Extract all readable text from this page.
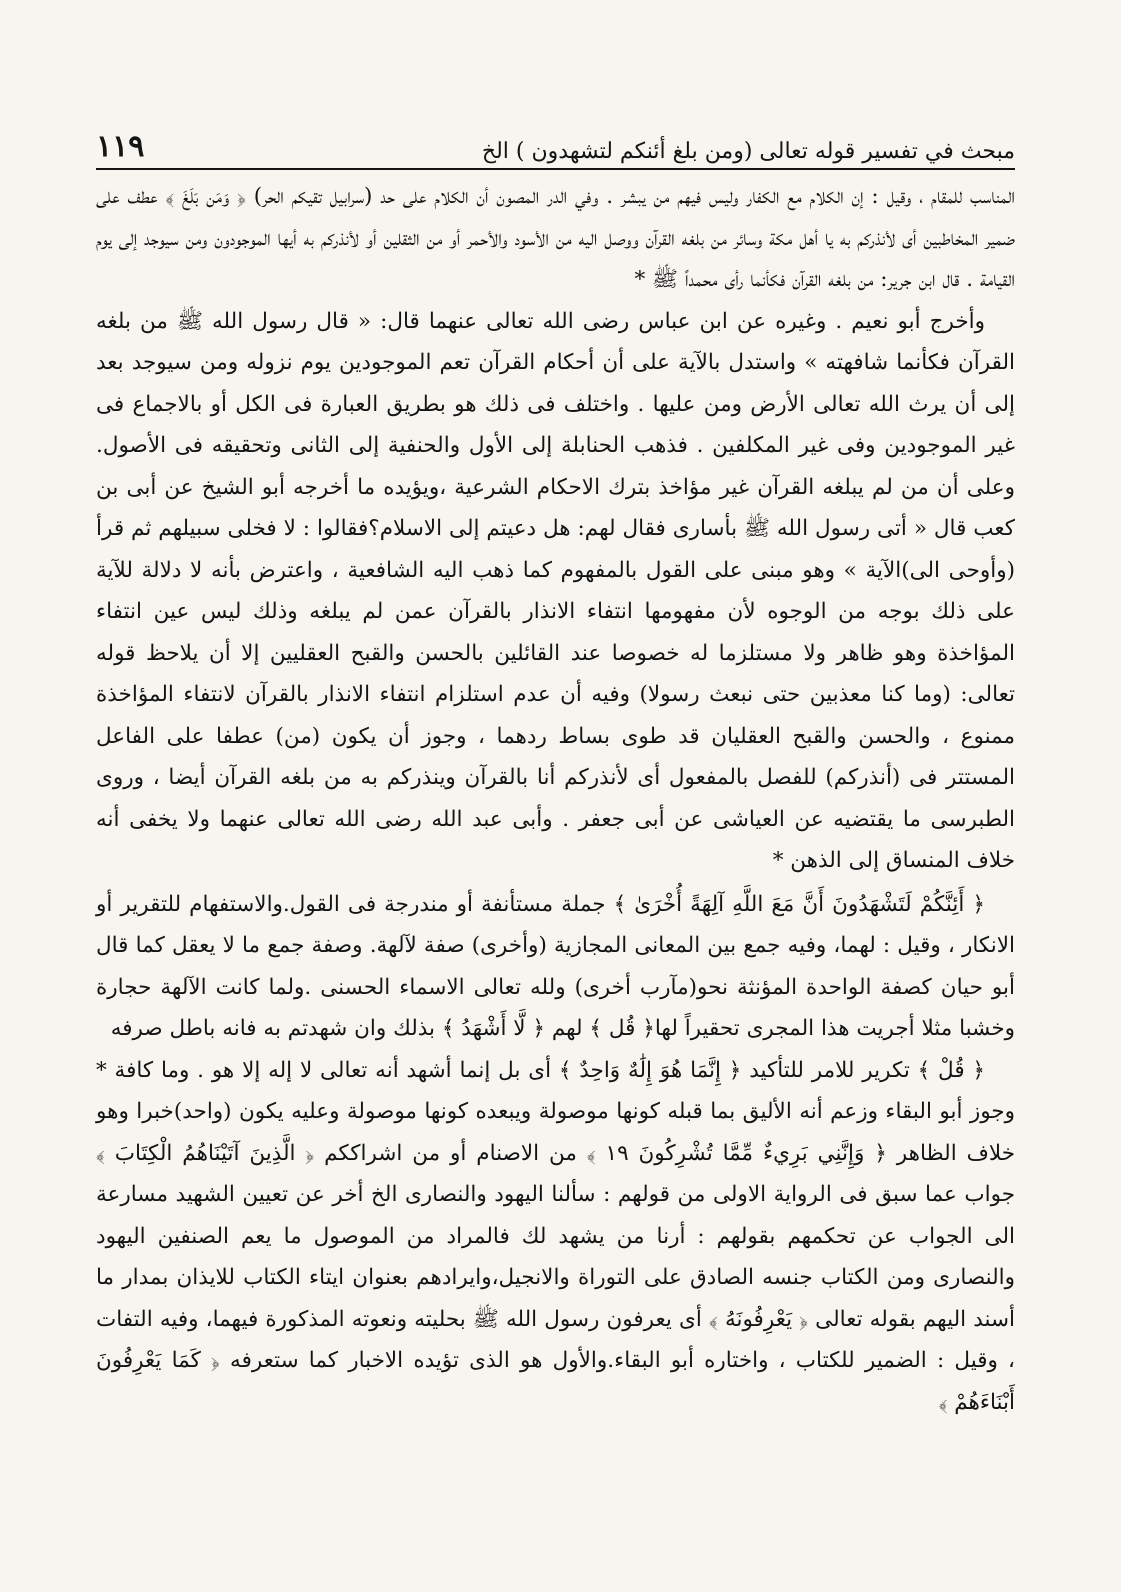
مبحث في تفسير قوله تعالى (ومن بلغ أئنكم لتشهدون ) الخ
١١٩

المناسب للمقام ، وقيل : إن الكلام مع الكفار وليس فيهم من يبشر . وفي الدر المصون أن الكلام على حد (سرابيل تقيكم الحر) ﴿ وَمَن بَلَغَ ﴾ عطف على ضمير المخاطبين أى لأنذركم به يا أهل مكة وسائر من بلغه القرآن ووصل اليه من الأسود والأحمر أو من الثقلين أو لأنذركم به أيها الموجودون ومن سيوجد إلى يوم القيامة . قال ابن جرير: من بلغه القرآن فكأنما رأى محمداً ﷺ *

وأخرج أبو نعيم . وغيره عن ابن عباس رضى الله تعالى عنهما قال: « قال رسول الله ﷺ من بلغه القرآن فكأنما شافهته » واستدل بالآية على أن أحكام القرآن تعم الموجودين يوم نزوله ومن سيوجد بعد إلى أن يرث الله تعالى الأرض ومن عليها . واختلف فى ذلك هو بطريق العبارة فى الكل أو بالاجماع فى غير الموجودين وفى غير المكلفين . فذهب الحنابلة إلى الأول والحنفية إلى الثانى وتحقيقه فى الأصول. وعلى أن من لم يبلغه القرآن غير مؤاخذ بترك الاحكام الشرعية ،ويؤيده ما أخرجه أبو الشيخ عن أبى بن كعب قال « أتى رسول الله ﷺ بأسارى فقال لهم: هل دعيتم إلى الاسلام؟فقالوا : لا فخلى سبيلهم ثم قرأ (وأوحى الى)الآية » وهو مبنى على القول بالمفهوم كما ذهب اليه الشافعية ، واعترض بأنه لا دلالة للآية على ذلك بوجه من الوجوه لأن مفهومها انتفاء الانذار بالقرآن عمن لم يبلغه وذلك ليس عين انتفاء المؤاخذة وهو ظاهر ولا مستلزما له خصوصا عند القائلين بالحسن والقبح العقليين إلا أن يلاحظ قوله تعالى: (وما كنا معذبين حتى نبعث رسولا) وفيه أن عدم استلزام انتفاء الانذار بالقرآن لانتفاء المؤاخذة ممنوع ، والحسن والقبح العقليان قد طوى بساط ردهما ، وجوز أن يكون (من) عطفا على الفاعل المستتر فى (أنذركم) للفصل بالمفعول أى لأنذركم أنا بالقرآن وينذركم به من بلغه القرآن أيضا ، وروى الطبرسى ما يقتضيه عن العياشى عن أبى جعفر . وأبى عبد الله رضى الله تعالى عنهما ولا يخفى أنه خلاف المنساق إلى الذهن *

﴿ أَئِنَّكُمْ لَتَشْهَدُونَ أَنَّ مَعَ اللَّهِ آلِهَةً أُخْرَىٰ ﴾ جملة مستأنفة أو مندرجة فى القول.والاستفهام للتقرير أو الانكار ، وقيل : لهما، وفيه جمع بين المعانى المجازية (وأخرى) صفة لآلهة. وصفة جمع ما لا يعقل كما قال أبو حيان كصفة الواحدة المؤنثة نحو(مآرب أخرى) ولله تعالى الاسماء الحسنى .ولما كانت الآلهة حجارة وخشبا مثلا أجريت هذا المجرى تحقيراً لها﴿ قُل ﴾ لهم ﴿ لَّا أَشْهَدُ ﴾ بذلك وان شهدتم به فانه باطل صرفه

﴿ قُلْ ﴾ تكرير للامر للتأكيد ﴿ إِنَّمَا هُوَ إِلَٰهٌ وَاحِدٌ ﴾ أى بل إنما أشهد أنه تعالى لا إله إلا هو . وما كافة * وجوز أبو البقاء وزعم أنه الأليق بما قبله كونها موصولة ويبعده كونها موصولة وعليه يكون (واحد)خبرا وهو خلاف الظاهر ﴿ وَإِنَّنِي بَرِيءٌ مِّمَّا تُشْرِكُونَ ١٩ ﴾ من الاصنام أو من اشراككم ﴿ الَّذِينَ آتَيْنَاهُمُ الْكِتَابَ ﴾ جواب عما سبق فى الرواية الاولى من قولهم : سألنا اليهود والنصارى الخ أخر عن تعيين الشهيد مسارعة الى الجواب عن تحكمهم بقولهم : أرنا من يشهد لك فالمراد من الموصول ما يعم الصنفين اليهود والنصارى ومن الكتاب جنسه الصادق على التوراة والانجيل،وايرادهم بعنوان ايتاء الكتاب للايذان بمدار ما أسند اليهم بقوله تعالى ﴿ يَعْرِفُونَهُ ﴾ أى يعرفون رسول الله ﷺ بحليته ونعوته المذكورة فيهما، وفيه التفات ، وقيل : الضمير للكتاب ، واختاره أبو البقاء.والأول هو الذى تؤيده الاخبار كما ستعرفه ﴿ كَمَا يَعْرِفُونَ أَبْنَاءَهُمْ ﴾
